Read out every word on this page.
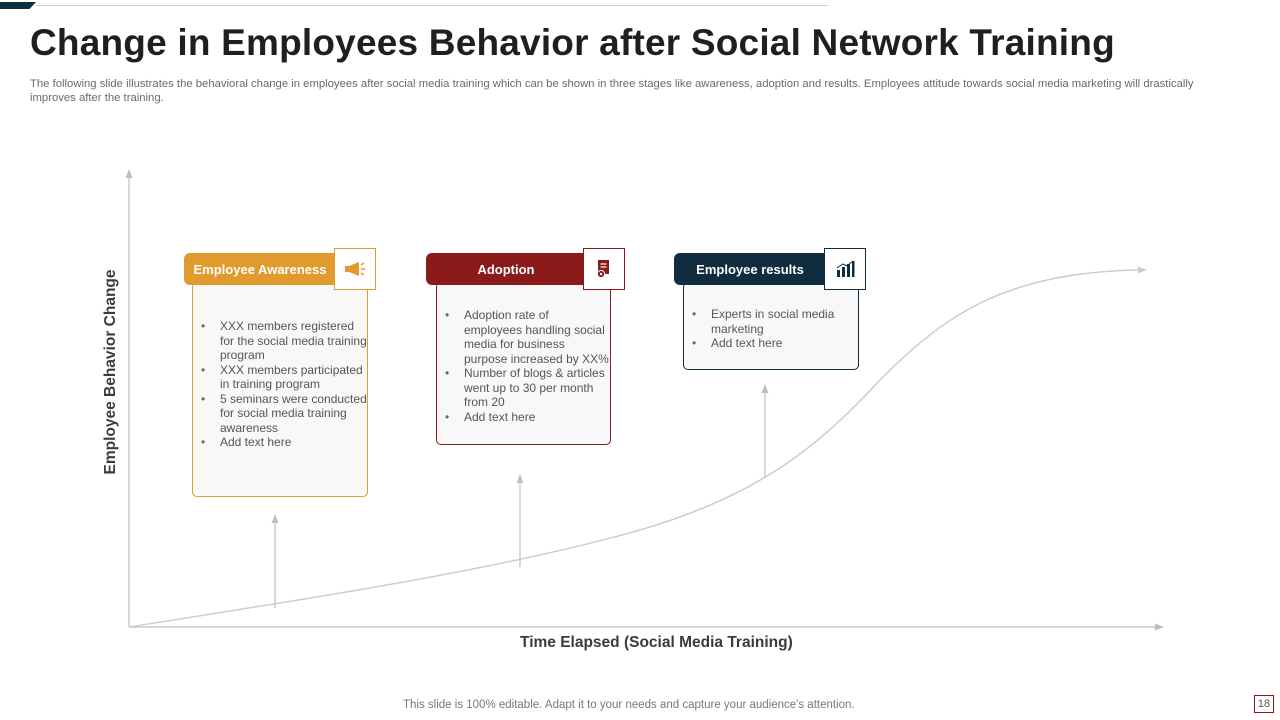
Change in Employees Behavior after Social Network Training
The following slide illustrates the behavioral change in employees after social media training which can be shown in three stages like awareness, adoption and results. Employees attitude towards social media marketing will drastically improves after the training.
Employee Behavior Change
Time Elapsed (Social Media Training)
• XXX members registered for the social media training program
• XXX members participated in training program
• 5 seminars were conducted for social media training awareness
• Add text here
Employee Awareness
• Adoption rate of employees handling social media for business purpose increased by XX%
• Number of blogs & articles went up to 30 per month from 20
• Add text here
Adoption
• Experts in social media marketing
• Add text here
Employee results
This slide is 100% editable. Adapt it to your needs and capture your audience's attention.	18
